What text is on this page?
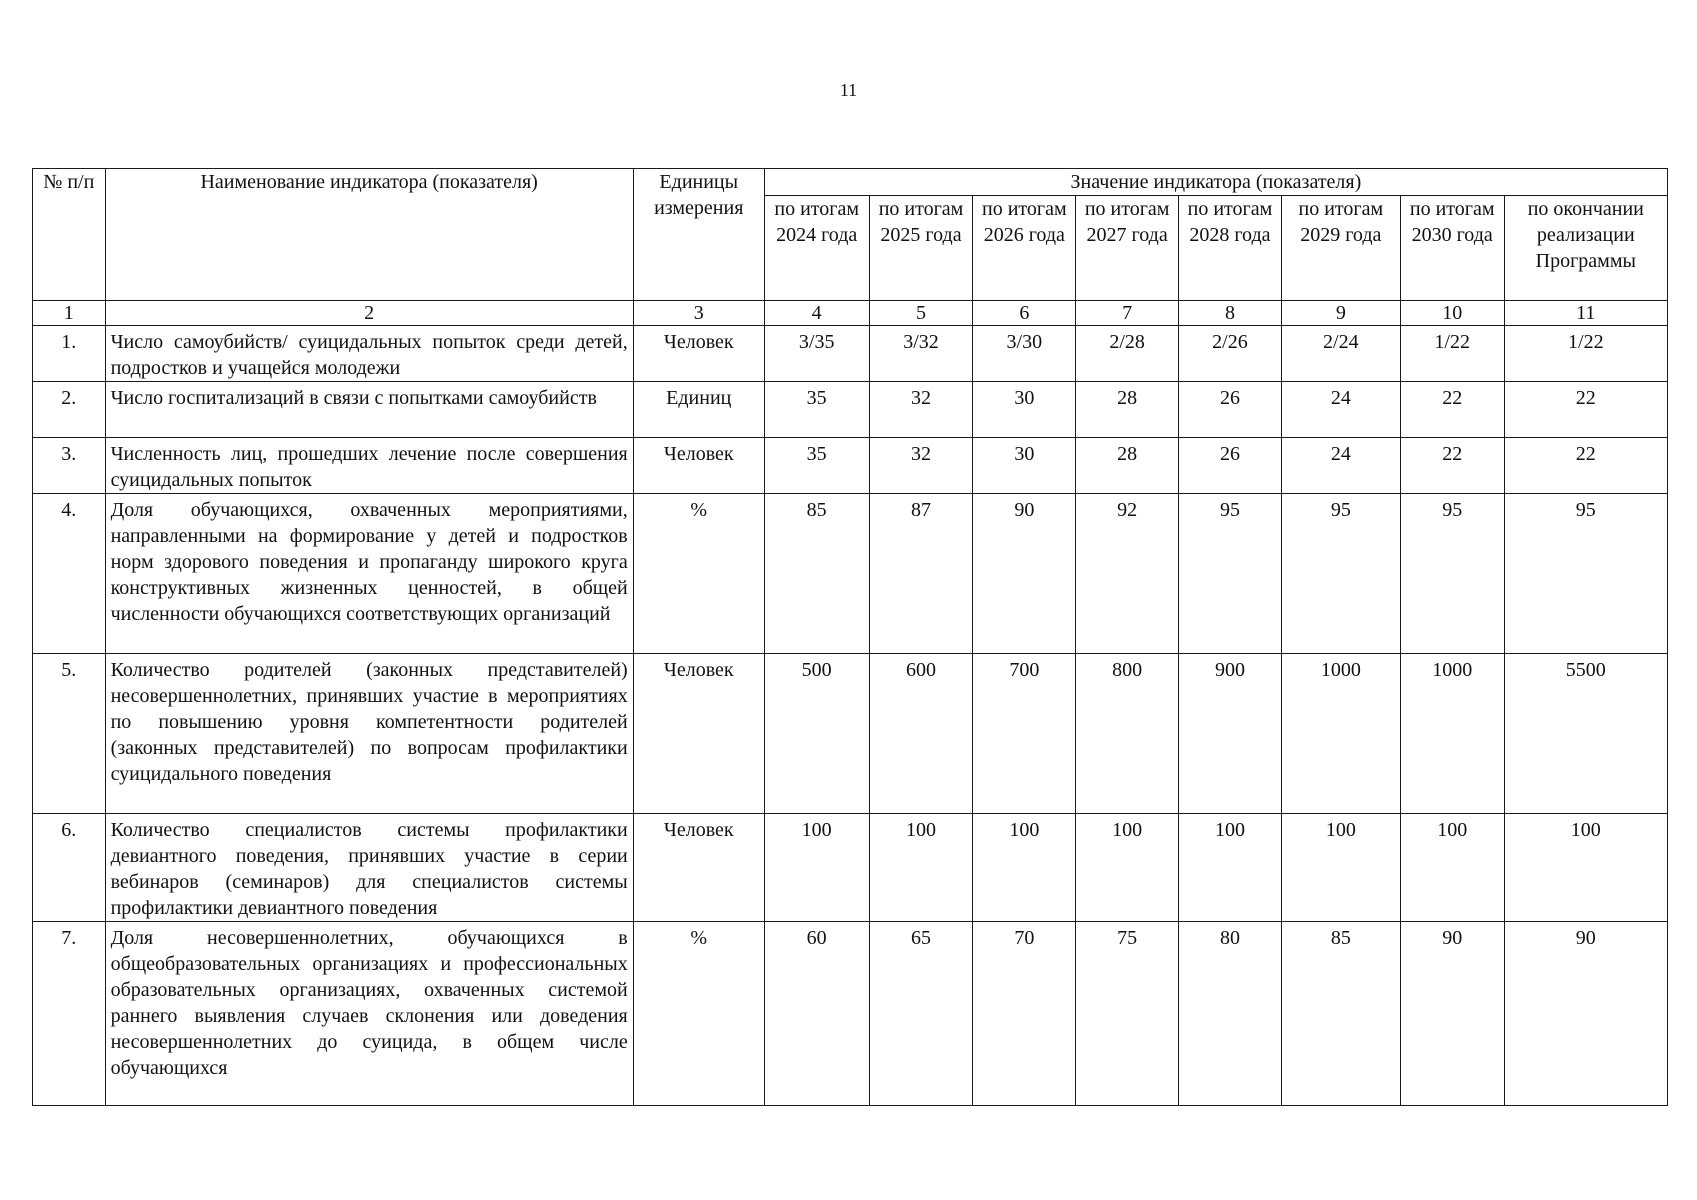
11
№ п/п	Наименование индикатора (показателя)	Единицы измерения	Значение индикатора (показателя)							
			по итогам 2024 года	по итогам 2025 года	по итогам 2026 года	по итогам 2027 года	по итогам 2028 года	по итогам 2029 года	по итогам 2030 года	по окончании реализации Программы
1	2	3	4	5	6	7	8	9	10	11
1.	Число самоубийств/ суицидальных попыток среди детей, подростков и учащейся молодежи	Человек	3/35	3/32	3/30	2/28	2/26	2/24	1/22	1/22
2.	Число госпитализаций в связи с попытками самоубийств	Единиц	35	32	30	28	26	24	22	22
3.	Численность лиц, прошедших лечение после совершения суицидальных попыток	Человек	35	32	30	28	26	24	22	22
4.	Доля обучающихся, охваченных мероприятиями, направленными на формирование у детей и подростков норм здорового поведения и пропаганду широкого круга конструктивных жизненных ценностей, в общей численности обучающихся соответствующих организаций	%	85	87	90	92	95	95	95	95
5.	Количество родителей (законных представителей) несовершеннолетних, принявших участие в мероприятиях по повышению уровня компетентности родителей (законных представителей) по вопросам профилактики суицидального поведения	Человек	500	600	700	800	900	1000	1000	5500
6.	Количество специалистов системы профилактики девиантного поведения, принявших участие в серии вебинаров (семинаров) для специалистов системы профилактики девиантного поведения	Человек	100	100	100	100	100	100	100	100
7.	Доля несовершеннолетних, обучающихся в общеобразовательных организациях и профессиональных образовательных организациях, охваченных системой раннего выявления случаев склонения или доведения несовершеннолетних до суицида, в общем числе обучающихся	%	60	65	70	75	80	85	90	90
